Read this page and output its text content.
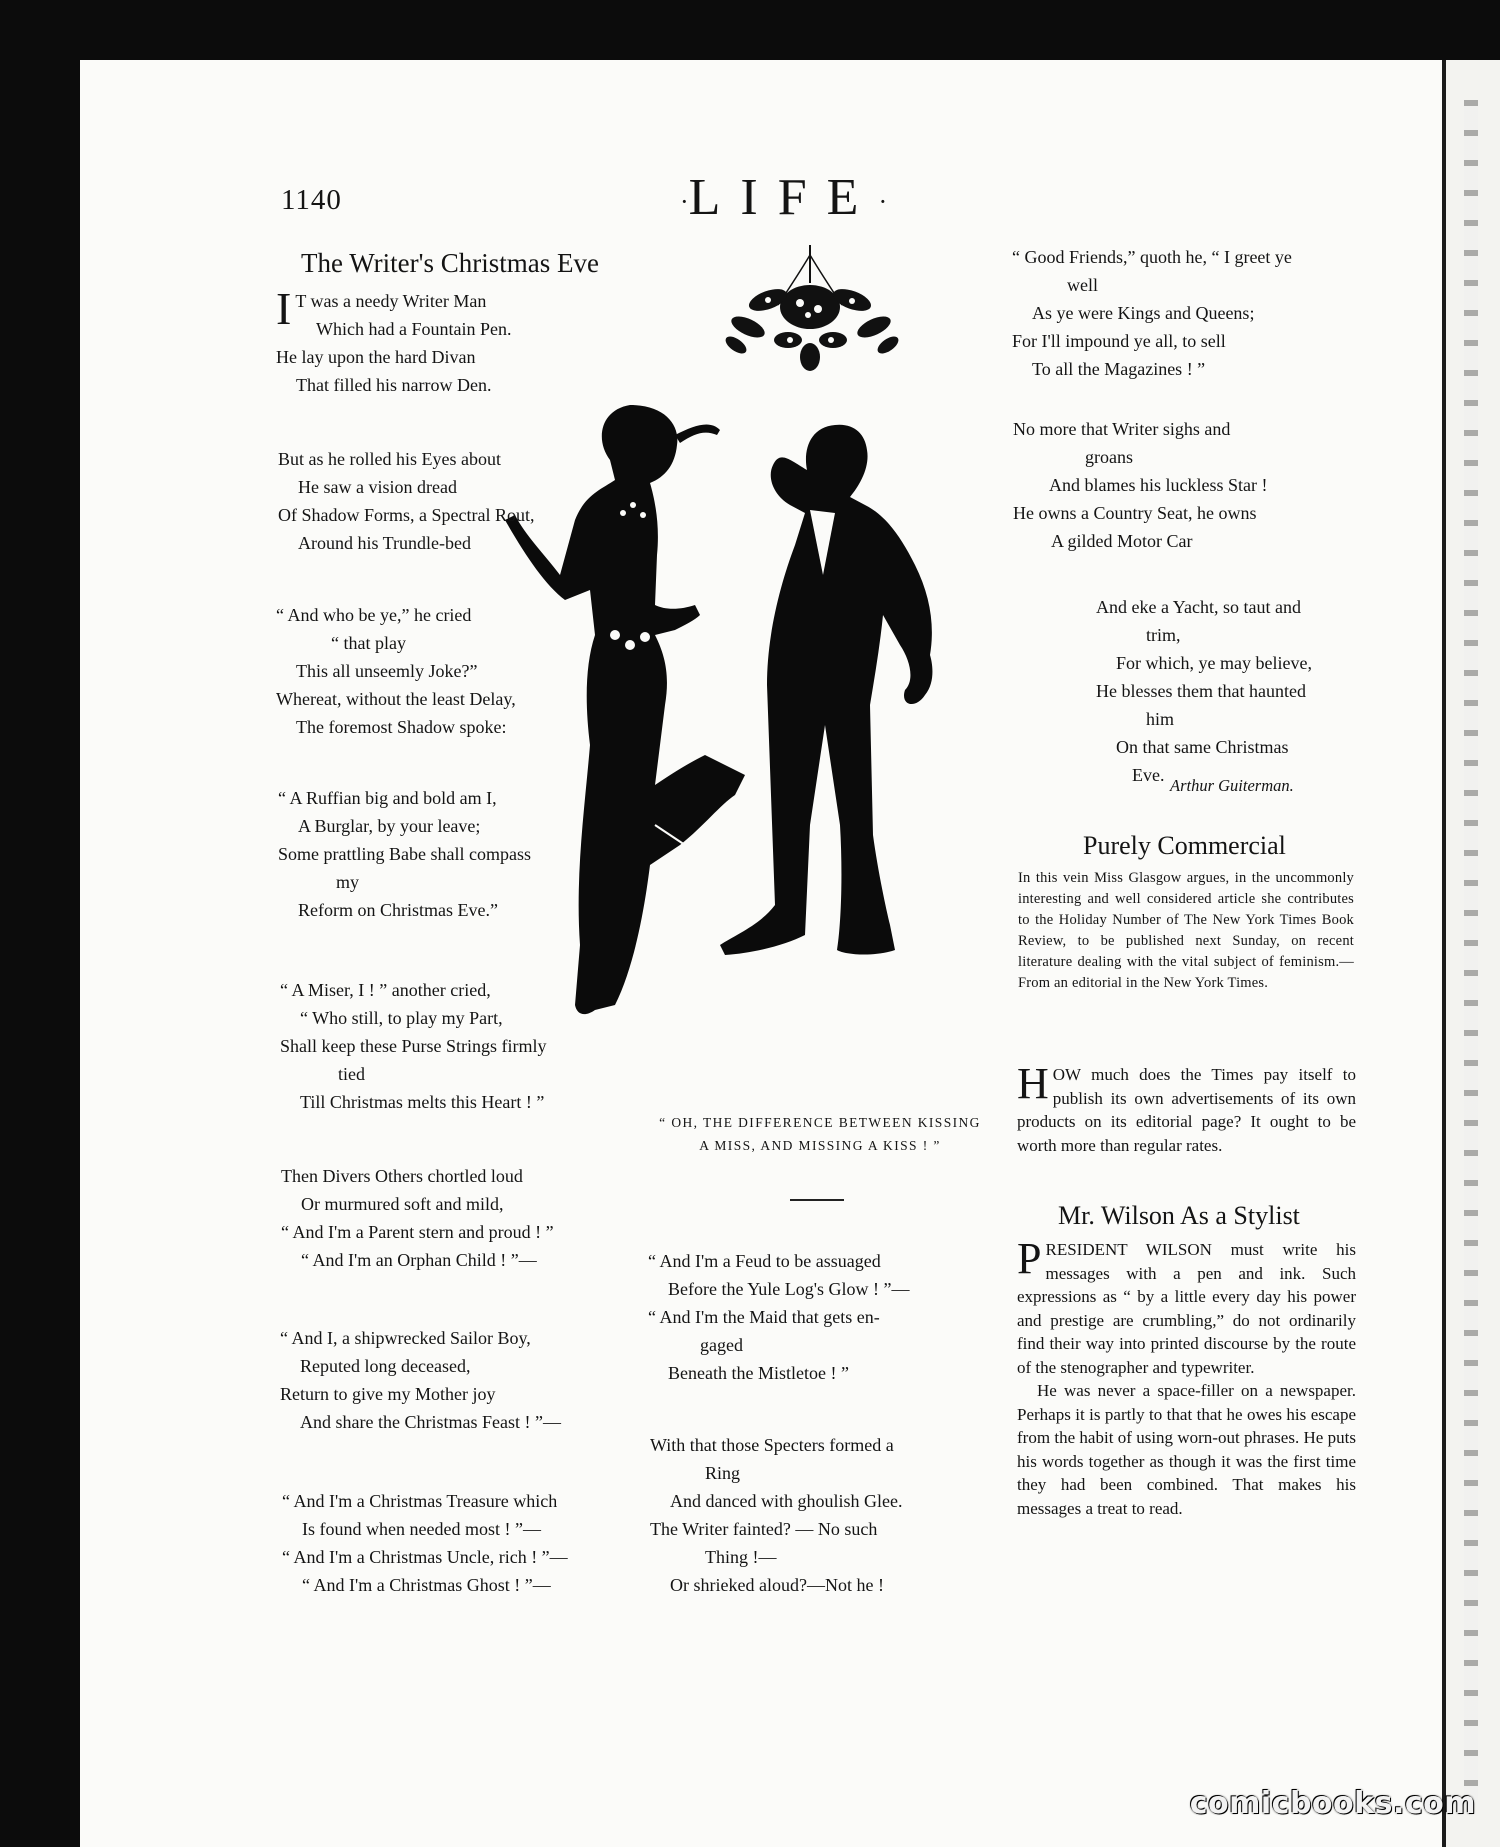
1140	·LIFE·
The Writer's Christmas Eve
I T was a needy Writer Man
Which had a Fountain Pen.
He lay upon the hard Divan
That filled his narrow Den.
But as he rolled his Eyes about
He saw a vision dread
Of Shadow Forms, a Spectral Rout,
Around his Trundle-bed
“ And who be ye,” he cried
“ that play
This all unseemly Joke?”
Whereat, without the least Delay,
The foremost Shadow spoke:
“ A Ruffian big and bold am I,
A Burglar, by your leave;
Some prattling Babe shall compass
my
Reform on Christmas Eve.”
“ A Miser, I ! ” another cried,
“ Who still, to play my Part,
Shall keep these Purse Strings firmly
tied
Till Christmas melts this Heart ! ”
Then Divers Others chortled loud
Or murmured soft and mild,
“ And I'm a Parent stern and proud ! ”
“ And I'm an Orphan Child ! ”—
“ And I, a shipwrecked Sailor Boy,
Reputed long deceased,
Return to give my Mother joy
And share the Christmas Feast ! ”—
“ And I'm a Christmas Treasure which
Is found when needed most ! ”—
“ And I'm a Christmas Uncle, rich ! ”—
“ And I'm a Christmas Ghost ! ”—
“ OH, THE DIFFERENCE BETWEEN KISSING
A MISS, AND MISSING A KISS ! ”
“ And I'm a Feud to be assuaged
Before the Yule Log's Glow ! ”—
“ And I'm the Maid that gets en-
gaged
Beneath the Mistletoe ! ”
With that those Specters formed a
Ring
And danced with ghoulish Glee.
The Writer fainted? — No such
Thing !—
Or shrieked aloud?—Not he !
“ Good Friends,” quoth he, “ I greet ye
well
As ye were Kings and Queens;
For I'll impound ye all, to sell
To all the Magazines ! ”
No more that Writer sighs and
groans
And blames his luckless Star !
He owns a Country Seat, he owns
A gilded Motor Car
And eke a Yacht, so taut and
trim,
For which, ye may believe,
He blesses them that haunted
him
On that same Christmas
Eve.
Arthur Guiterman.
Purely Commercial
In this vein Miss Glasgow argues, in the uncommonly interesting and well considered article she contributes to the Holiday Number of The New York Times Book Review, to be published next Sunday, on recent literature dealing with the vital subject of feminism.—From an editorial in the New York Times.
H OW much does the Times pay itself to publish its own advertisements of its own products on its editorial page? It ought to be worth more than regular rates.
Mr. Wilson As a Stylist
P RESIDENT WILSON must write his messages with a pen and ink. Such expressions as “ by a little every day his power and prestige are crumbling,” do not ordinarily find their way into printed discourse by the route of the stenographer and typewriter.
He was never a space-filler on a newspaper. Perhaps it is partly to that that he owes his escape from the habit of using worn-out phrases. He puts his words together as though it was the first time they had been combined. That makes his messages a treat to read.
comicbooks.com
